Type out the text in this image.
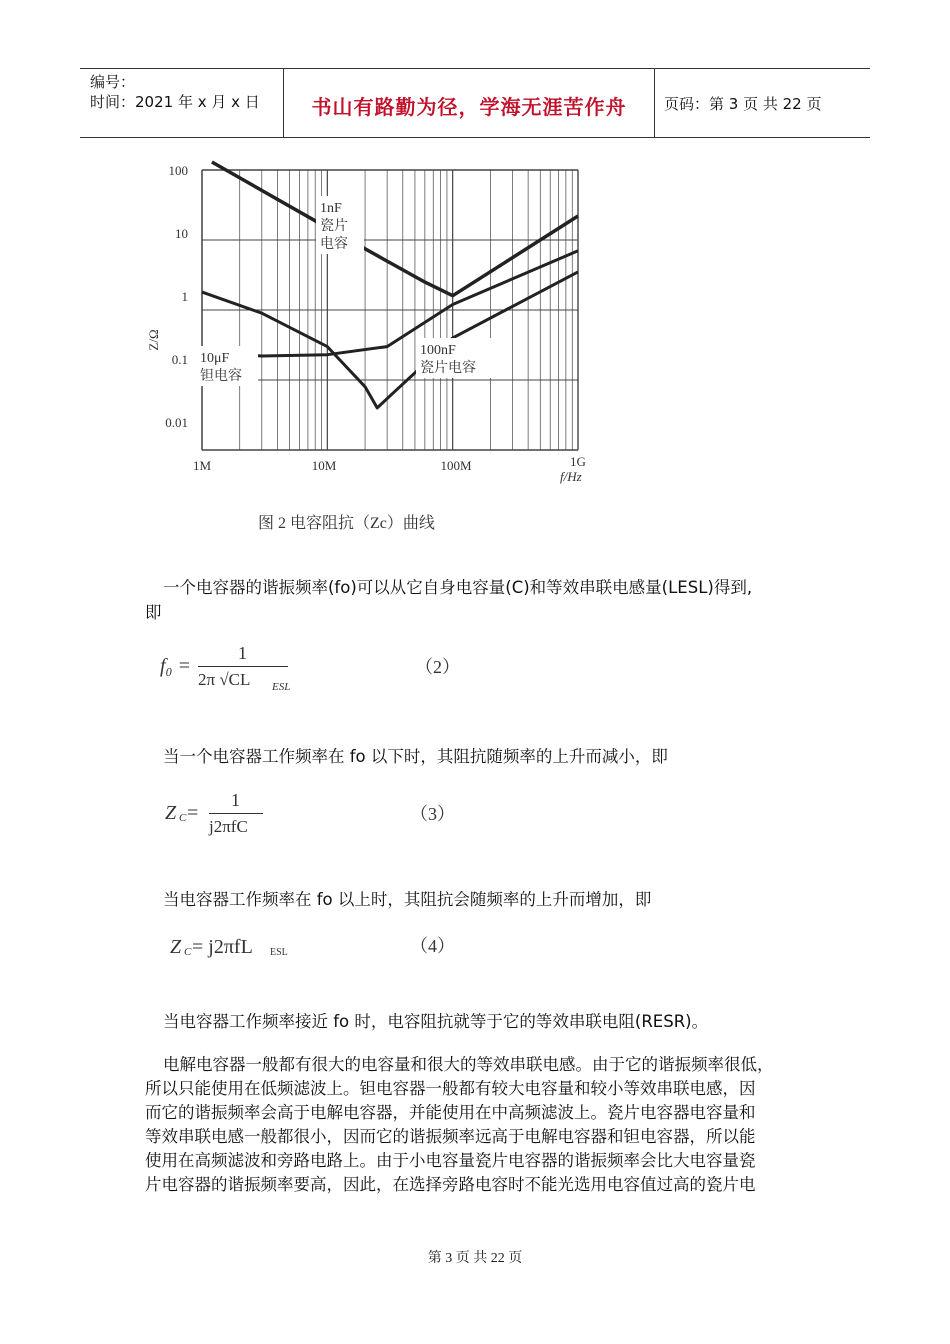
编号：
时间：2021 年 x 月 x 日	书山有路勤为径，学海无涯苦作舟	页码：第 3 页 共 22 页
Z/Ω
100
10
1
0.1
0.01
1M	10M	100M	1G
f/Hz
1nF
瓷片
电容
10μF
钽电容
100nF
瓷片电容
图 2 电容阻抗（Zc）曲线
一个电容器的谐振频率(fo)可以从它自身电容量(C)和等效串联电感量(LESL)得到,
即
f₀ =
1
2π √CL ESL
（2）
当一个电容器工作频率在 fo 以下时，其阻抗随频率的上升而减小，即
Z C =
1
j2πfC
（3）
当电容器工作频率在 fo 以上时，其阻抗会随频率的上升而增加，即
Z C = j2πfL ESL	（4）
当电容器工作频率接近 fo 时，电容阻抗就等于它的等效串联电阻(RESR)。
电解电容器一般都有很大的电容量和很大的等效串联电感。由于它的谐振频率很低，
所以只能使用在低频滤波上。钽电容器一般都有较大电容量和较小等效串联电感，因
而它的谐振频率会高于电解电容器，并能使用在中高频滤波上。瓷片电容器电容量和
等效串联电感一般都很小，因而它的谐振频率远高于电解电容器和钽电容器，所以能
使用在高频滤波和旁路电路上。由于小电容量瓷片电容器的谐振频率会比大电容量瓷
片电容器的谐振频率要高，因此，在选择旁路电容时不能光选用电容值过高的瓷片电
第 3 页 共 22 页
